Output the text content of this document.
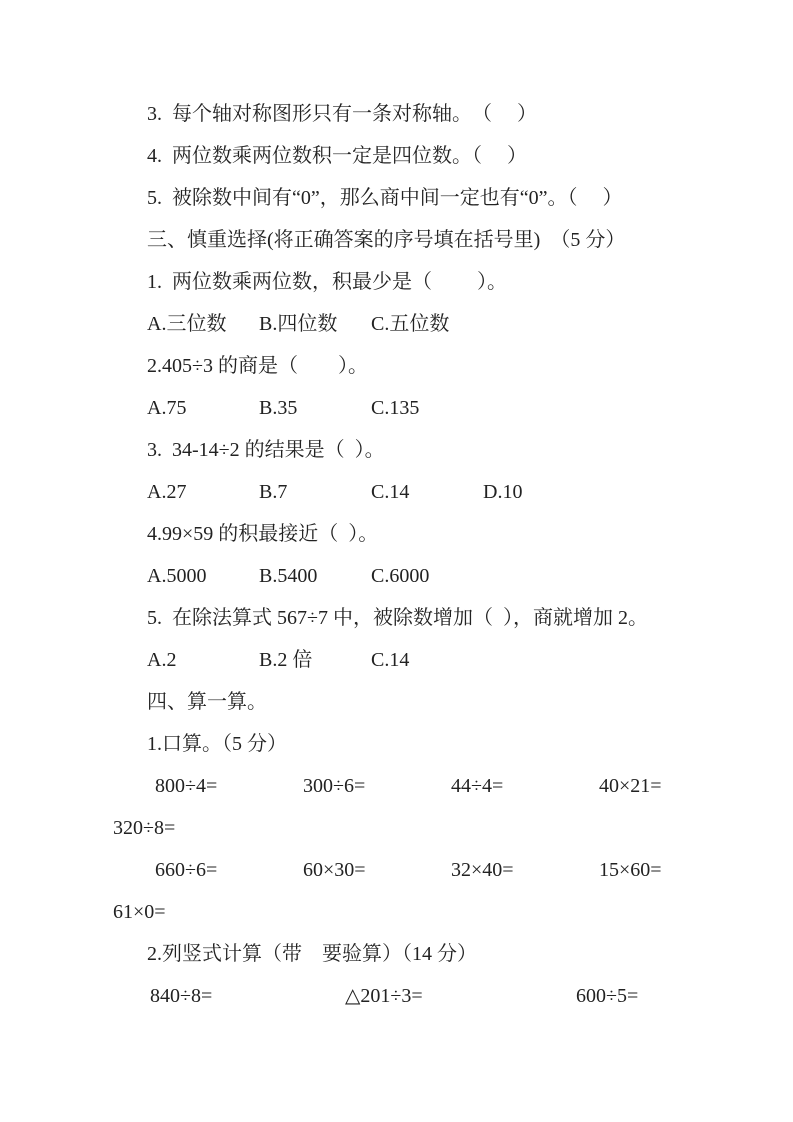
3.  每个轴对称图形只有一条对称轴。　（　 ）
4.  两位数乘两位数积一定是四位数。（　 ）
5.  被除数中间有“0”，那么商中间一定也有“0”。（　 ）
三、慎重选择(将正确答案的序号填在括号里)　（5 分）
1.  两位数乘两位数，积最少是（　　 ）。
A.三位数	B.四位数	C.五位数
2.405÷3 的商是（　　）。
A.75	B.35	C.135
3.  34-14÷2 的结果是（  ）。
A.27	B.7	C.14	D.10
4.99×59 的积最接近（  ）。
A.5000	B.5400	C.6000
5.  在除法算式 567÷7 中，被除数增加（  ），商就增加 2。
A.2	B.2 倍	C.14
四、算一算。
1.口算。（5 分）
800÷4=	300÷6=	44÷4=	40×21=
320÷8=
660÷6=	60×30=	32×40=	15×60=
61×0=
2.列竖式计算（带　要验算）（14 分）
840÷8=	△201÷3=	600÷5=
